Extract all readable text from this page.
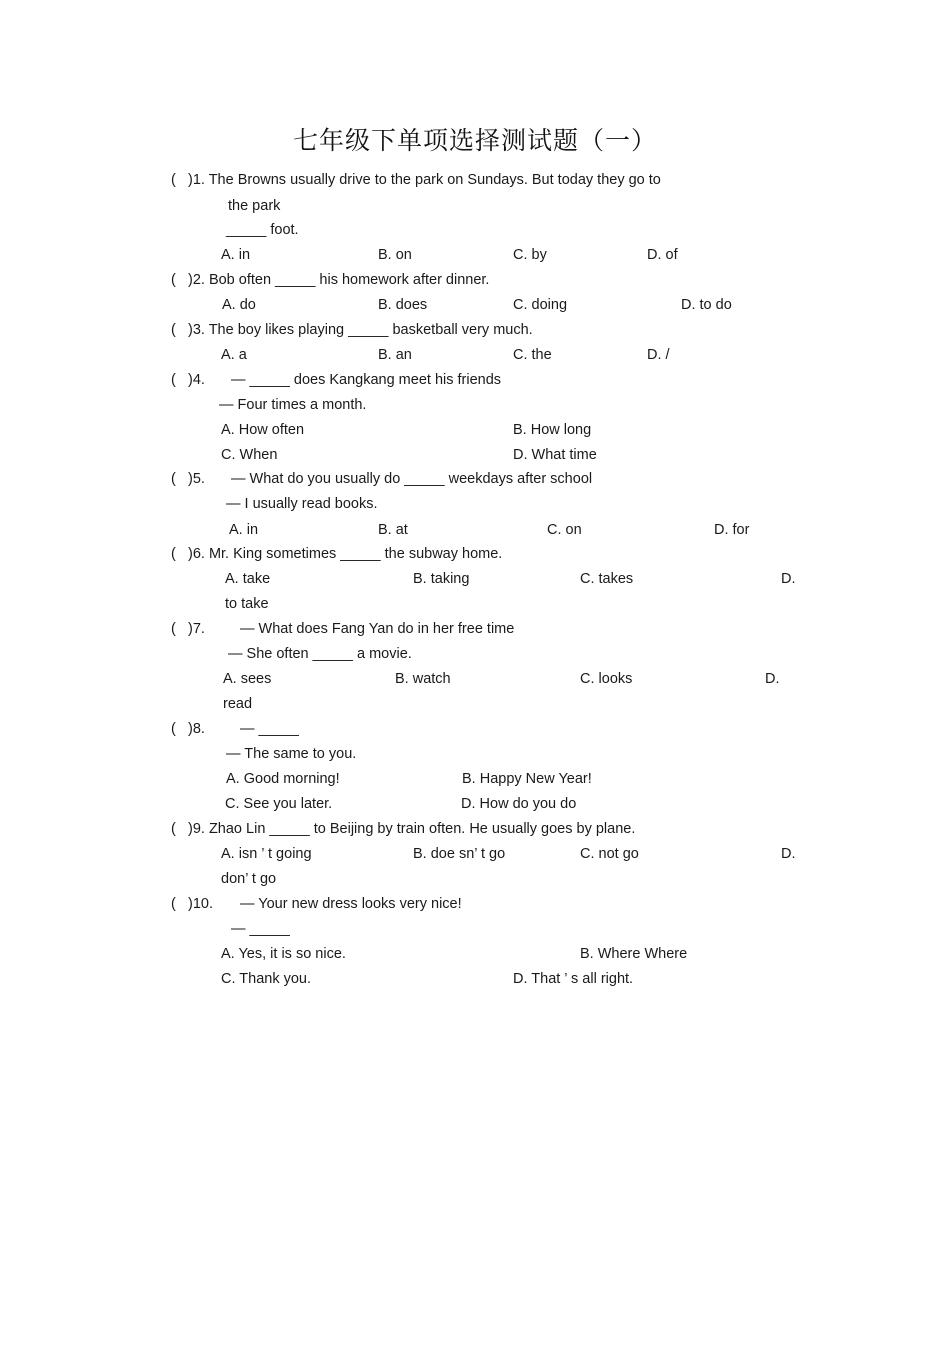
七年级下单项选择测试题（一）
( )1. The Browns usually drive to the park on Sundays. But today they go to
the park
_____ foot.
A. in	B. on	C. by	D. of
( )2. Bob often _____ his homework after dinner.
A. do	B. does	C. doing	D. to do
( )3. The boy likes playing _____ basketball very much.
A. a	B. an	C. the	D. /
( )4. — _____ does Kangkang meet his friends
— Four times a month.
A. How often	B. How long
C. When	D. What time
( )5. — What do you usually do _____ weekdays after school
— I usually read books.
A. in	B. at	C. on	D. for
( )6. Mr. King sometimes _____ the subway home.
A. take	B. taking	C. takes	D.
to take
( )7. — What does Fang Yan do in her free time
— She often _____ a movie.
A. sees	B. watch	C. looks	D.
read
( )8. — _____
— The same to you.
A. Good morning!	B. Happy New Year!
C. See you later.	D. How do you do
( )9. Zhao Lin _____ to Beijing by train often. He usually goes by plane.
A. isn ’ t going	B. doe sn’ t go	C. not go	D.
don’ t go
( )10. — Your new dress looks very nice!
— _____
A. Yes, it is so nice.	B. Where Where
C. Thank you.	D. That ’ s all right.
